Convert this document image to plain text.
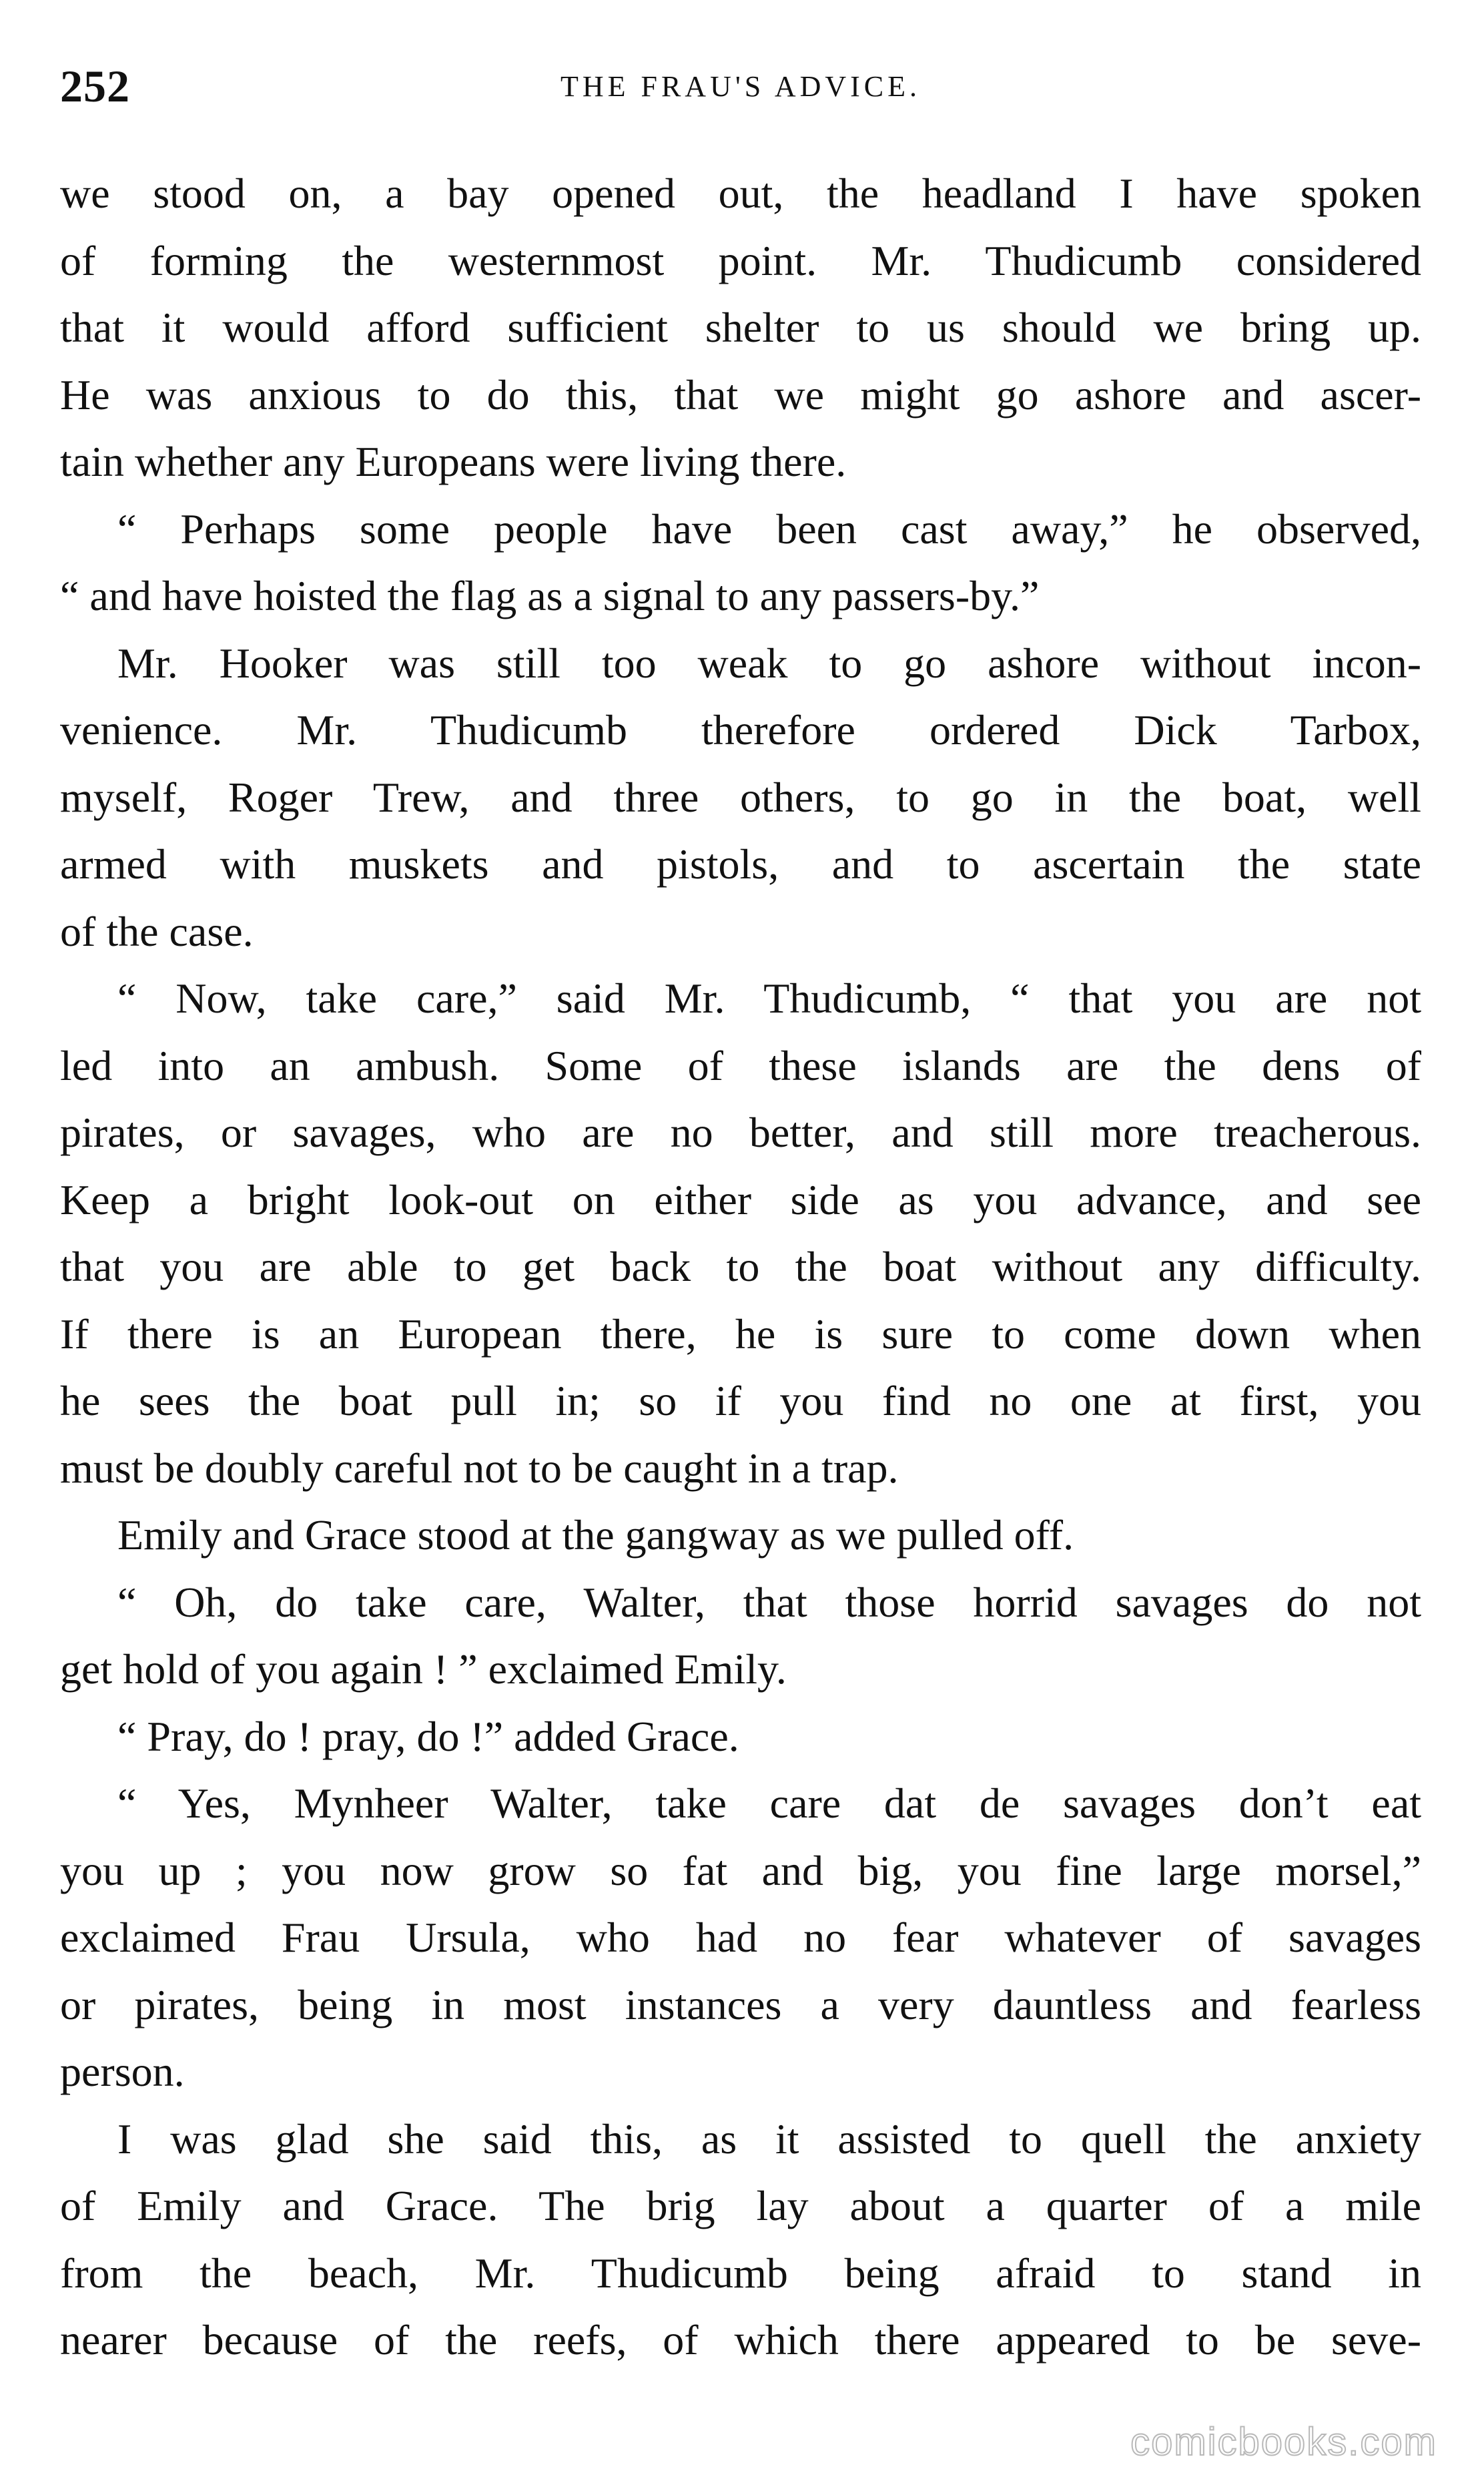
252	THE FRAU'S ADVICE.
we stood on, a bay opened out, the headland I have spoken
of forming the westernmost point. Mr. Thudicumb considered
that it would afford sufficient shelter to us should we bring up.
He was anxious to do this, that we might go ashore and ascer-
tain whether any Europeans were living there.
“ Perhaps some people have been cast away,” he observed,
“ and have hoisted the flag as a signal to any passers-by.”
Mr. Hooker was still too weak to go ashore without incon-
venience. Mr. Thudicumb therefore ordered Dick Tarbox,
myself, Roger Trew, and three others, to go in the boat, well
armed with muskets and pistols, and to ascertain the state
of the case.
“ Now, take care,” said Mr. Thudicumb, “ that you are not
led into an ambush. Some of these islands are the dens of
pirates, or savages, who are no better, and still more treacherous.
Keep a bright look-out on either side as you advance, and see
that you are able to get back to the boat without any difficulty.
If there is an European there, he is sure to come down when
he sees the boat pull in; so if you find no one at first, you
must be doubly careful not to be caught in a trap.
Emily and Grace stood at the gangway as we pulled off.
“ Oh, do take care, Walter, that those horrid savages do not
get hold of you again ! ” exclaimed Emily.
“ Pray, do ! pray, do !” added Grace.
“ Yes, Mynheer Walter, take care dat de savages don’t eat
you up ; you now grow so fat and big, you fine large morsel,”
exclaimed Frau Ursula, who had no fear whatever of savages
or pirates, being in most instances a very dauntless and fearless
person.
I was glad she said this, as it assisted to quell the anxiety
of Emily and Grace. The brig lay about a quarter of a mile
from the beach, Mr. Thudicumb being afraid to stand in
nearer because of the reefs, of which there appeared to be seve-
comicbooks.com
